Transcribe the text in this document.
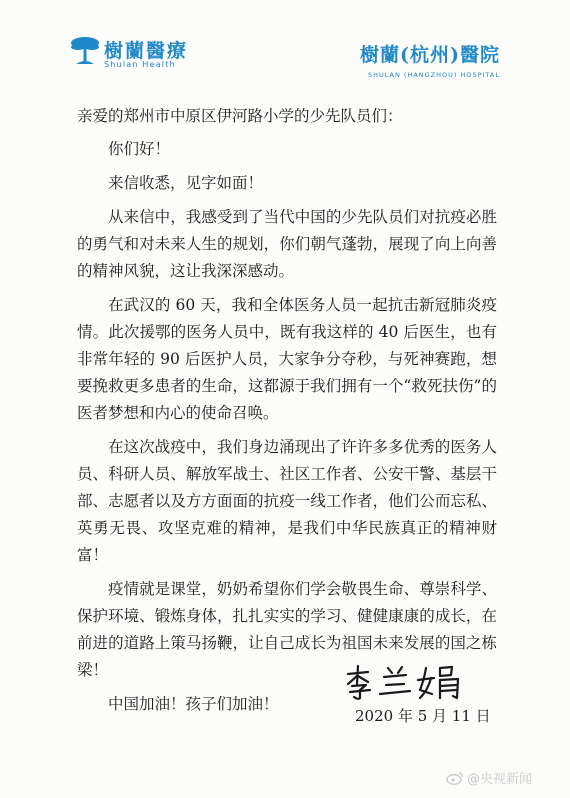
樹蘭醫療
Shulan Health	樹蘭(杭州)醫院
SHULAN (HANGZHOU) HOSPITAL

亲爱的郑州市中原区伊河路小学的少先队员们：

你们好！

来信收悉，见字如面！

从来信中，我感受到了当代中国的少先队员们对抗疫必胜的勇气和对未来人生的规划，你们朝气蓬勃，展现了向上向善的精神风貌，这让我深深感动。

在武汉的 60 天，我和全体医务人员一起抗击新冠肺炎疫情。此次援鄂的医务人员中，既有我这样的 40 后医生，也有非常年轻的 90 后医护人员，大家争分夺秒，与死神赛跑，想要挽救更多患者的生命，这都源于我们拥有一个“救死扶伤”的医者梦想和内心的使命召唤。

在这次战疫中，我们身边涌现出了许许多多优秀的医务人员、科研人员、解放军战士、社区工作者、公安干警、基层干部、志愿者以及方方面面的抗疫一线工作者，他们公而忘私、英勇无畏、攻坚克难的精神，是我们中华民族真正的精神财富！

疫情就是课堂，奶奶希望你们学会敬畏生命、尊崇科学、保护环境、锻炼身体，扎扎实实的学习、健健康康的成长，在前进的道路上策马扬鞭，让自己成长为祖国未来发展的国之栋梁！

中国加油！孩子们加油！

2020 年 5 月 11 日
@央视新闻
